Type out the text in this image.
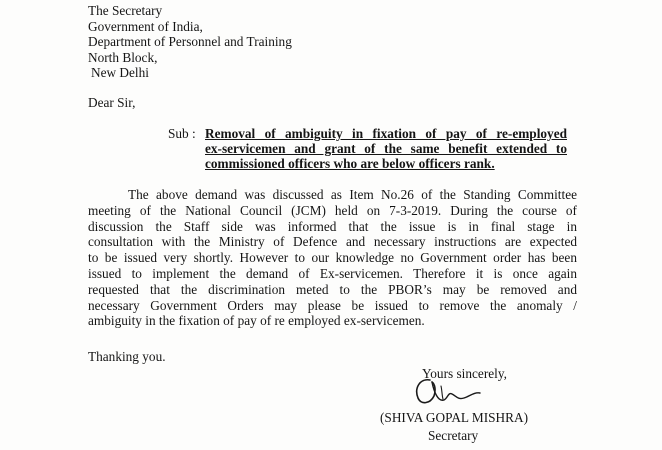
The Secretary
Government of India,
Department of Personnel and Training
North Block,
New Delhi
Dear Sir,
Sub : Removal of ambiguity in fixation of pay of re-employed
ex-servicemen and grant of the same benefit extended to
commissioned officers who are below officers rank.
The above demand was discussed as Item No.26 of the Standing Committee
meeting of the National Council (JCM) held on 7-3-2019. During the course of
discussion the Staff side was informed that the issue is in final stage in
consultation with the Ministry of Defence and necessary instructions are expected
to be issued very shortly. However to our knowledge no Government order has been
issued to implement the demand of Ex-servicemen. Therefore it is once again
requested that the discrimination meted to the PBOR’s may be removed and
necessary Government Orders may please be issued to remove the anomaly /
ambiguity in the fixation of pay of re employed ex-servicemen.
Thanking you.
Yours sincerely,
(SHIVA GOPAL MISHRA)
Secretary
